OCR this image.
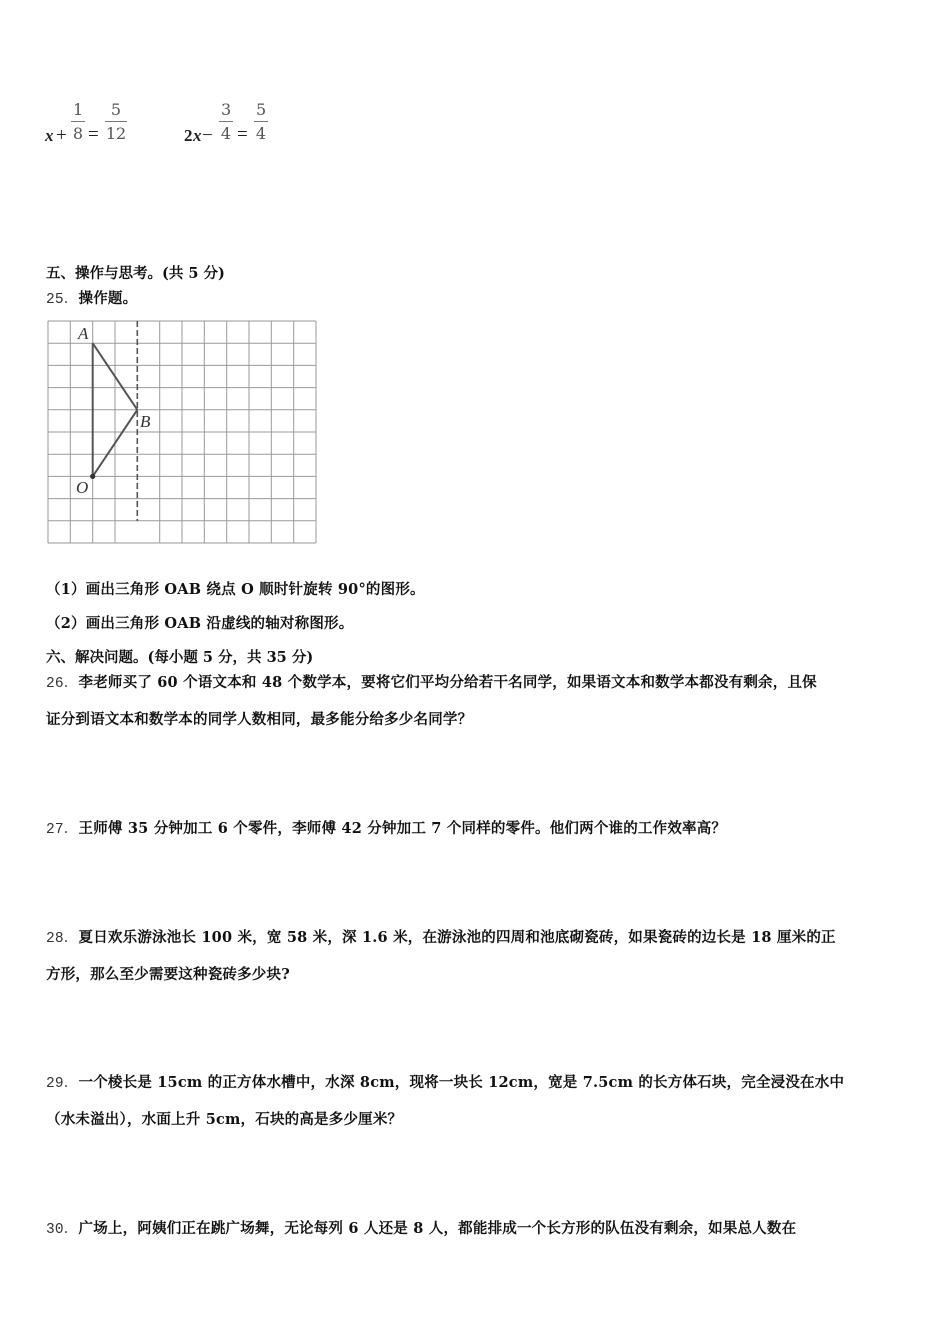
$x + \frac{1}{8} = \frac{5}{12}$	2 $x - \frac{3}{4} = \frac{5}{4}$
五、操作与思考。(共 5 分)
25．操作题。
A
B
O
（1）画出三角形 OAB 绕点 O 顺时针旋转 90°的图形。
（2）画出三角形 OAB 沿虚线的轴对称图形。
六、解决问题。(每小题 5 分，共 35 分)
26．李老师买了 60 个语文本和 48 个数学本，要将它们平均分给若干名同学，如果语文本和数学本都没有剩余，且保
证分到语文本和数学本的同学人数相同，最多能分给多少名同学？
27．王师傅 35 分钟加工 6 个零件，李师傅 42 分钟加工 7 个同样的零件。他们两个谁的工作效率高？
28．夏日欢乐游泳池长 100 米，宽 58 米，深 1.6 米，在游泳池的四周和池底砌瓷砖，如果瓷砖的边长是 18 厘米的正
方形，那么至少需要这种瓷砖多少块?
29．一个棱长是 15cm 的正方体水槽中，水深 8cm，现将一块长 12cm，宽是 7.5cm 的长方体石块，完全浸没在水中
（水未溢出），水面上升 5cm，石块的高是多少厘米？
30．广场上，阿姨们正在跳广场舞，无论每列 6 人还是 8 人，都能排成一个长方形的队伍没有剩余，如果总人数在
